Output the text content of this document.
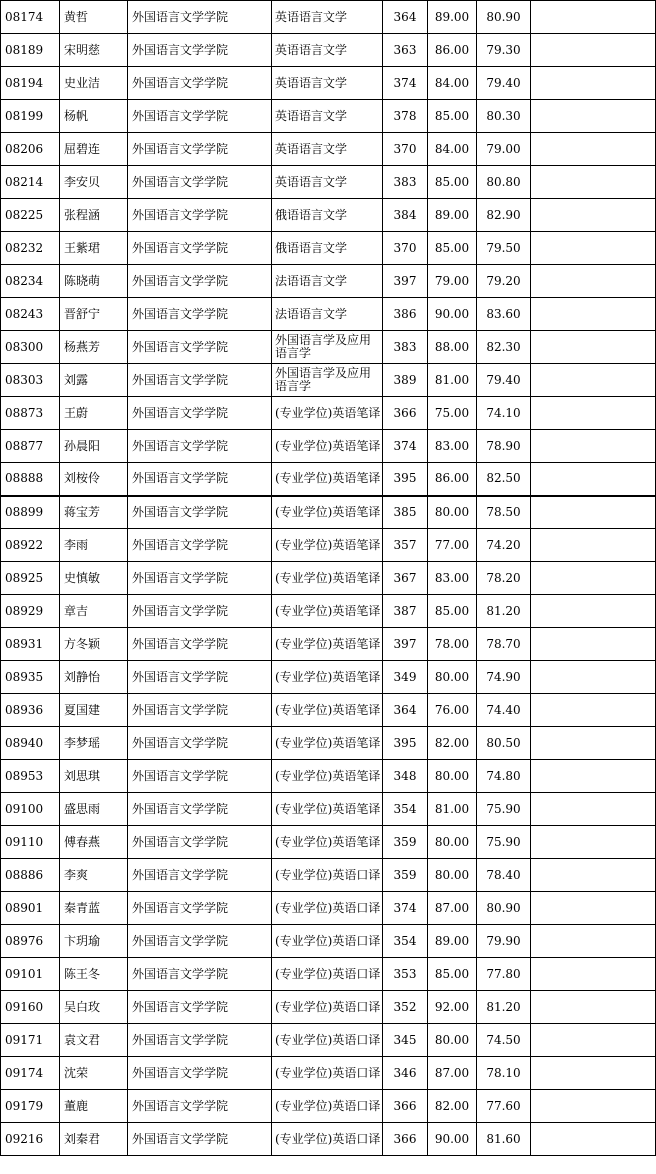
08174	黄哲	外国语言文学学院	英语语言文学	364	89.00	80.90	
08189	宋明慈	外国语言文学学院	英语语言文学	363	86.00	79.30	
08194	史业洁	外国语言文学学院	英语语言文学	374	84.00	79.40	
08199	杨帆	外国语言文学学院	英语语言文学	378	85.00	80.30	
08206	屈碧连	外国语言文学学院	英语语言文学	370	84.00	79.00	
08214	李安贝	外国语言文学学院	英语语言文学	383	85.00	80.80	
08225	张程涵	外国语言文学学院	俄语语言文学	384	89.00	82.90	
08232	王紫珺	外国语言文学学院	俄语语言文学	370	85.00	79.50	
08234	陈晓萌	外国语言文学学院	法语语言文学	397	79.00	79.20	
08243	晋舒宁	外国语言文学学院	法语语言文学	386	90.00	83.60	
08300	杨燕芳	外国语言文学学院	外国语言学及应用语言学	383	88.00	82.30	
08303	刘露	外国语言文学学院	外国语言学及应用语言学	389	81.00	79.40	
08873	王蔚	外国语言文学学院	(专业学位)英语笔译	366	75.00	74.10	
08877	孙晨阳	外国语言文学学院	(专业学位)英语笔译	374	83.00	78.90	
08888	刘桉伶	外国语言文学学院	(专业学位)英语笔译	395	86.00	82.50	
08899	蒋宝芳	外国语言文学学院	(专业学位)英语笔译	385	80.00	78.50	
08922	李雨	外国语言文学学院	(专业学位)英语笔译	357	77.00	74.20	
08925	史慎敏	外国语言文学学院	(专业学位)英语笔译	367	83.00	78.20	
08929	章吉	外国语言文学学院	(专业学位)英语笔译	387	85.00	81.20	
08931	方冬颖	外国语言文学学院	(专业学位)英语笔译	397	78.00	78.70	
08935	刘静怡	外国语言文学学院	(专业学位)英语笔译	349	80.00	74.90	
08936	夏国建	外国语言文学学院	(专业学位)英语笔译	364	76.00	74.40	
08940	李梦瑶	外国语言文学学院	(专业学位)英语笔译	395	82.00	80.50	
08953	刘思琪	外国语言文学学院	(专业学位)英语笔译	348	80.00	74.80	
09100	盛思雨	外国语言文学学院	(专业学位)英语笔译	354	81.00	75.90	
09110	傅春燕	外国语言文学学院	(专业学位)英语笔译	359	80.00	75.90	
08886	李爽	外国语言文学学院	(专业学位)英语口译	359	80.00	78.40	
08901	秦青蓝	外国语言文学学院	(专业学位)英语口译	374	87.00	80.90	
08976	卞玥瑜	外国语言文学学院	(专业学位)英语口译	354	89.00	79.90	
09101	陈王冬	外国语言文学学院	(专业学位)英语口译	353	85.00	77.80	
09160	吴白玫	外国语言文学学院	(专业学位)英语口译	352	92.00	81.20	
09171	袁文君	外国语言文学学院	(专业学位)英语口译	345	80.00	74.50	
09174	沈荣	外国语言文学学院	(专业学位)英语口译	346	87.00	78.10	
09179	董鹿	外国语言文学学院	(专业学位)英语口译	366	82.00	77.60	
09216	刘秦君	外国语言文学学院	(专业学位)英语口译	366	90.00	81.60	
